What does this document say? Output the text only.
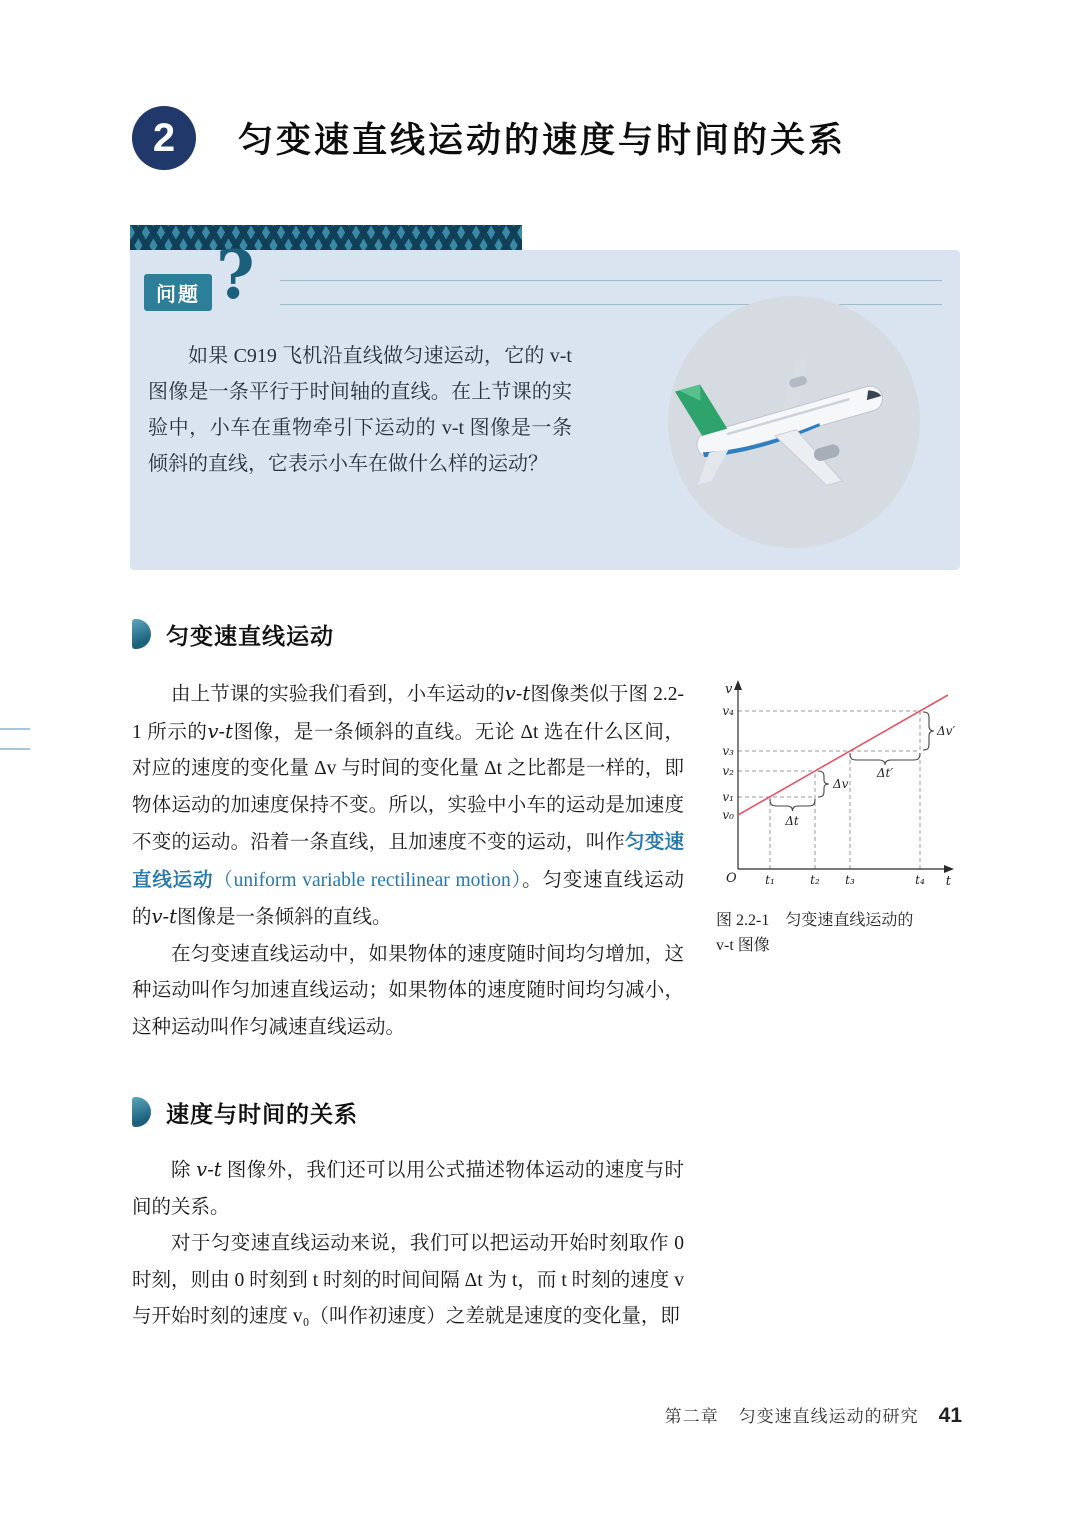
2	匀变速直线运动的速度与时间的关系
问题 ?
如果 C919 飞机沿直线做匀速运动，它的 v-t 图像是一条平行于时间轴的直线。在上节课的实验中，小车在重物牵引下运动的 v-t 图像是一条倾斜的直线，它表示小车在做什么样的运动？
匀变速直线运动

由上节课的实验我们看到，小车运动的v-t图像类似于图 2.2-1 所示的v-t图像，是一条倾斜的直线。无论 Δt 选在什么区间，对应的速度的变化量 Δv 与时间的变化量 Δt 之比都是一样的，即物体运动的加速度保持不变。所以，实验中小车的运动是加速度不变的运动。沿着一条直线，且加速度不变的运动，叫作匀变速直线运动（uniform variable rectilinear motion）。匀变速直线运动的v-t图像是一条倾斜的直线。

在匀变速直线运动中，如果物体的速度随时间均匀增加，这种运动叫作匀加速直线运动；如果物体的速度随时间均匀减小，这种运动叫作匀减速直线运动。

v
t
O
v₄
v₃
v₂
v₁
v₀
t₁	t₂ t₃	t₄
Δt
Δv
Δt′
Δv′
图 2.2-1　匀变速直线运动的
v-t 图像
速度与时间的关系

除 v-t 图像外，我们还可以用公式描述物体运动的速度与时间的关系。

对于匀变速直线运动来说，我们可以把运动开始时刻取作 0 时刻，则由 0 时刻到 t 时刻的时间间隔 Δt 为 t，而 t 时刻的速度 v 与开始时刻的速度 v₀（叫作初速度）之差就是速度的变化量，即

第二章 匀变速直线运动的研究 41
